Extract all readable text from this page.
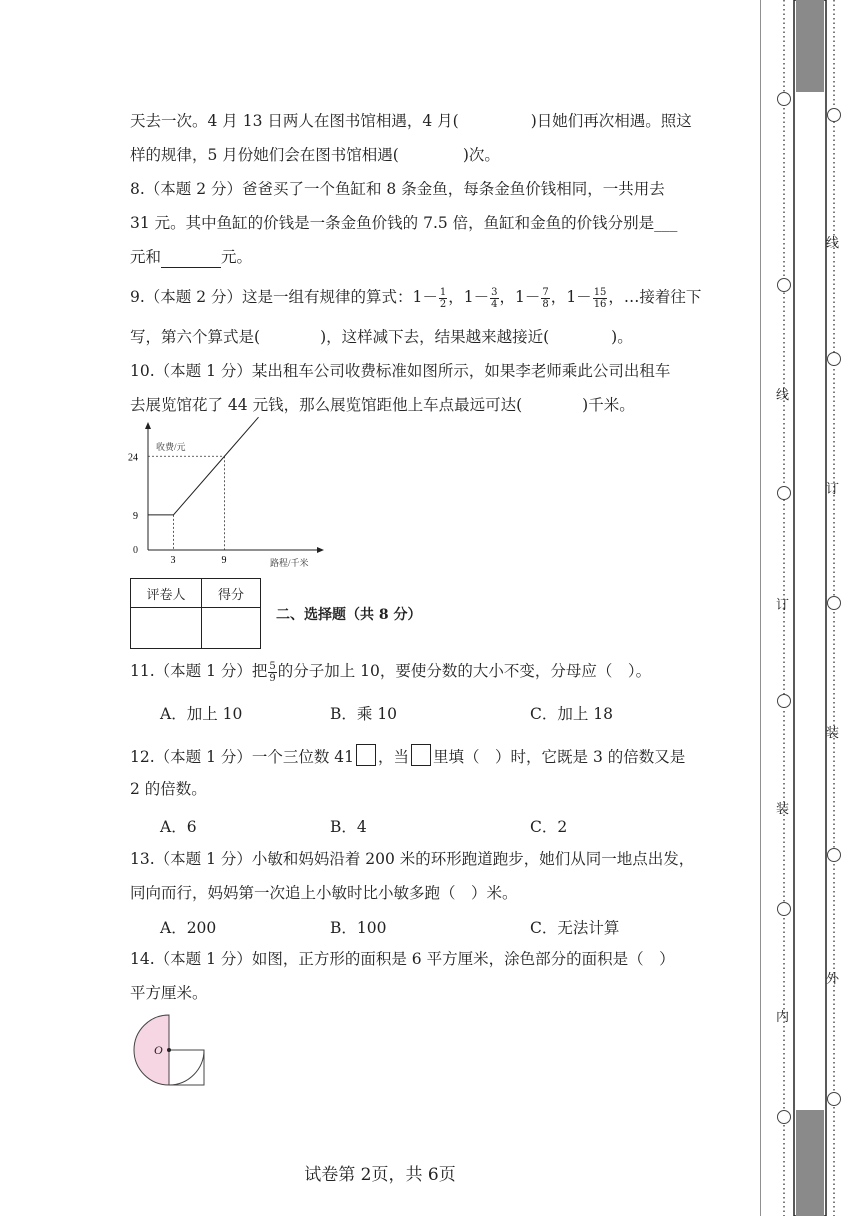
天去一次。4 月 13 日两人在图书馆相遇，4 月(	)日她们再次相遇。照这
样的规律，5 月份她们会在图书馆相遇(	)次。
8.（本题 2 分）爸爸买了一个鱼缸和 8 条金鱼，每条金鱼价钱相同，一共用去
31 元。其中鱼缸的价钱是一条金鱼价钱的 7.5 倍，鱼缸和金鱼的价钱分别是___
元和	元。
9.（本题 2 分）这是一组有规律的算式：$1- \frac{1}{2}$ ，$1- \frac{3}{4}$ ，$1- \frac{7}{8}$ ，$1- \frac{15}{16}$ ，…接着往下
写，第六个算式是(	)，这样减下去，结果越来越接近(	)。
10.（本题 1 分）某出租车公司收费标准如图所示，如果李老师乘此公司出租车
去展览馆花了 44 元钱，那么展览馆距他上车点最远可达(	)千米。
收费/元
路程/千米
0
3	9
9
24
评卷人	得分

二、选择题（共 8 分）
11.（本题 1 分）把 $\frac{5}{9}$ 的分子加上 10，要使分数的大小不变，分母应（　）。
A．加上 10	B．乘 10	C．加上 18
12.（本题 1 分）一个三位数 41 ，当 里填（　）时，它既是 3 的倍数又是
2 的倍数。
A．6	B．4	C．2
13.（本题 1 分）小敏和妈妈沿着 200 米的环形跑道跑步，她们从同一地点出发，
同向而行，妈妈第一次追上小敏时比小敏多跑（　）米。
A．200	B．100	C．无法计算
14.（本题 1 分）如图，正方形的面积是 6 平方厘米，涂色部分的面积是（　）
平方厘米。
O
试卷第 2页，共 6页
线
订
装
内
线
订
装
外
